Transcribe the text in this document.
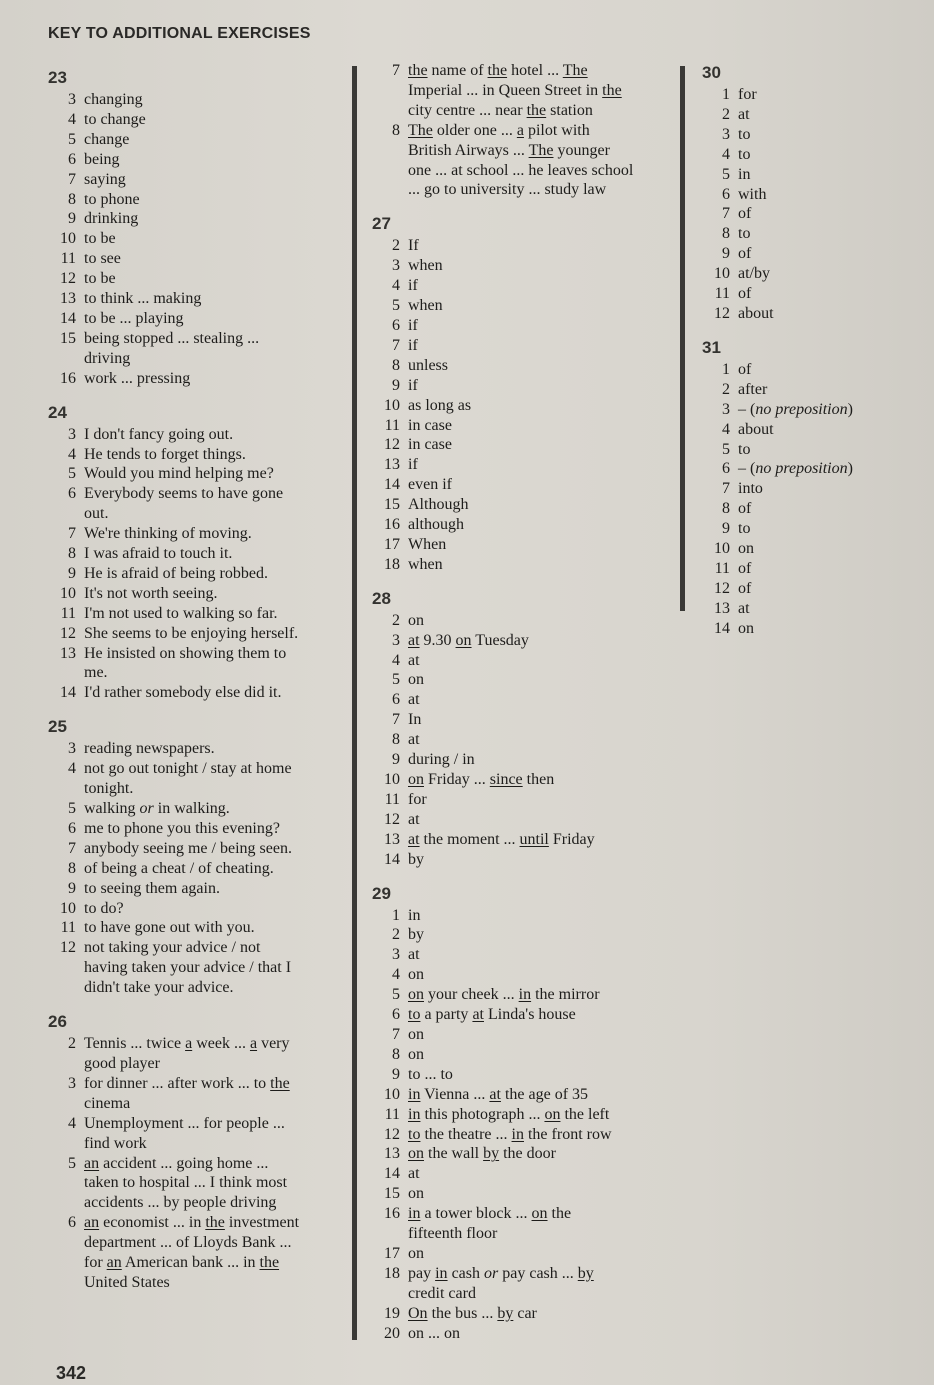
KEY TO ADDITIONAL EXERCISES
23
3 changing
4 to change
5 change
6 being
7 saying
8 to phone
9 drinking
10 to be
11 to see
12 to be
13 to think ... making
14 to be ... playing
15 being stopped ... stealing ...
driving
16 work ... pressing
24
3 I don't fancy going out.
4 He tends to forget things.
5 Would you mind helping me?
6 Everybody seems to have gone
out.
7 We're thinking of moving.
8 I was afraid to touch it.
9 He is afraid of being robbed.
10 It's not worth seeing.
11 I'm not used to walking so far.
12 She seems to be enjoying herself.
13 He insisted on showing them to
me.
14 I'd rather somebody else did it.
25
3 reading newspapers.
4 not go out tonight / stay at home
tonight.
5 walking or in walking.
6 me to phone you this evening?
7 anybody seeing me / being seen.
8 of being a cheat / of cheating.
9 to seeing them again.
10 to do?
11 to have gone out with you.
12 not taking your advice / not
having taken your advice / that I
didn't take your advice.
26
2 Tennis ... twice a week ... a very
good player
3 for dinner ... after work ... to the
cinema
4 Unemployment ... for people ...
find work
5 an accident ... going home ...
taken to hospital ... I think most
accidents ... by people driving
6 an economist ... in the investment
department ... of Lloyds Bank ...
for an American bank ... in the
United States
7 the name of the hotel ... The
Imperial ... in Queen Street in the
city centre ... near the station
8 The older one ... a pilot with
British Airways ... The younger
one ... at school ... he leaves school
... go to university ... study law
27
2 If
3 when
4 if
5 when
6 if
7 if
8 unless
9 if
10 as long as
11 in case
12 in case
13 if
14 even if
15 Although
16 although
17 When
18 when
28
2 on
3 at 9.30 on Tuesday
4 at
5 on
6 at
7 In
8 at
9 during / in
10 on Friday ... since then
11 for
12 at
13 at the moment ... until Friday
14 by
29
1 in
2 by
3 at
4 on
5 on your cheek ... in the mirror
6 to a party at Linda's house
7 on
8 on
9 to ... to
10 in Vienna ... at the age of 35
11 in this photograph ... on the left
12 to the theatre ... in the front row
13 on the wall by the door
14 at
15 on
16 in a tower block ... on the
fifteenth floor
17 on
18 pay in cash or pay cash ... by
credit card
19 On the bus ... by car
20 on ... on
30
1 for
2 at
3 to
4 to
5 in
6 with
7 of
8 to
9 of
10 at/by
11 of
12 about
31
1 of
2 after
3 – (no preposition)
4 about
5 to
6 – (no preposition)
7 into
8 of
9 to
10 on
11 of
12 of
13 at
14 on
342
